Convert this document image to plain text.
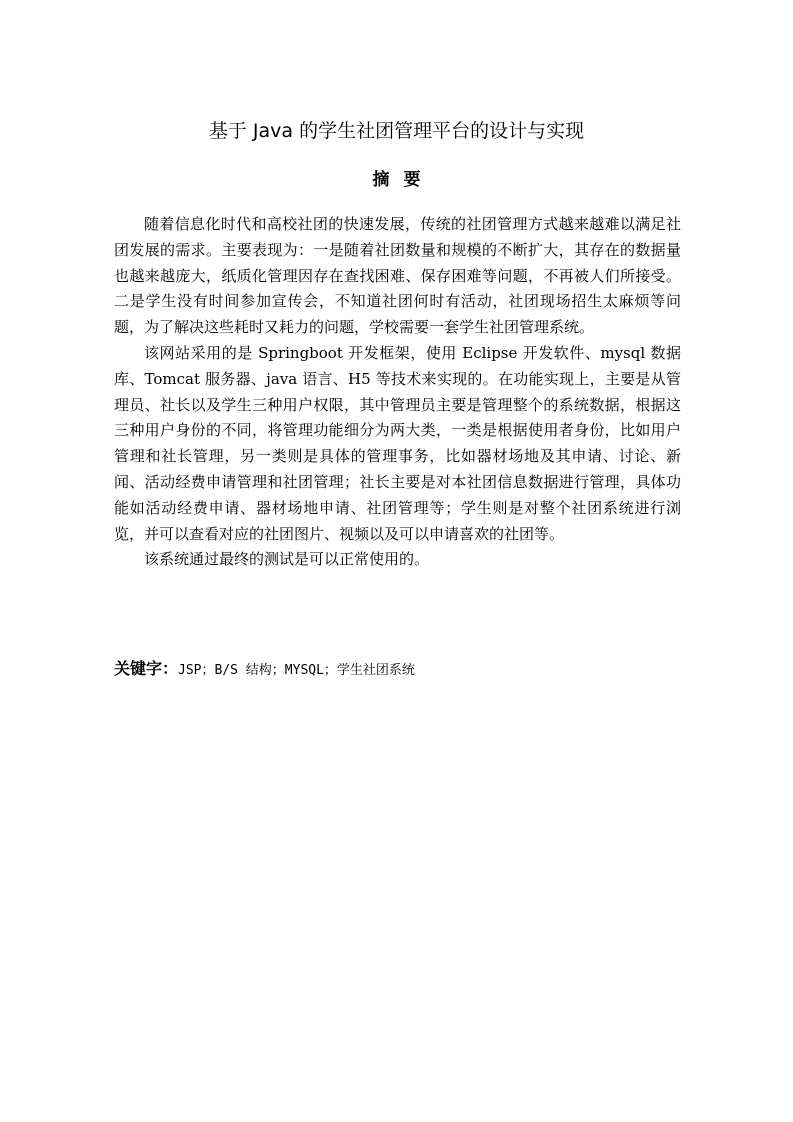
基于 Java 的学生社团管理平台的设计与实现
摘要

随着信息化时代和高校社团的快速发展，传统的社团管理方式越来越难以满足社团发展的需求。主要表现为：一是随着社团数量和规模的不断扩大，其存在的数据量也越来越庞大，纸质化管理因存在查找困难、保存困难等问题，不再被人们所接受。二是学生没有时间参加宣传会，不知道社团何时有活动，社团现场招生太麻烦等问题，为了解决这些耗时又耗力的问题，学校需要一套学生社团管理系统。

该网站采用的是 Springboot 开发框架，使用 Eclipse 开发软件、mysql 数据库、Tomcat 服务器、java 语言、H5 等技术来实现的。在功能实现上，主要是从管理员、社长以及学生三种用户权限，其中管理员主要是管理整个的系统数据，根据这三种用户身份的不同，将管理功能细分为两大类，一类是根据使用者身份，比如用户管理和社长管理，另一类则是具体的管理事务，比如器材场地及其申请、讨论、新闻、活动经费申请管理和社团管理；社长主要是对本社团信息数据进行管理，具体功能如活动经费申请、器材场地申请、社团管理等；学生则是对整个社团系统进行浏览，并可以查看对应的社团图片、视频以及可以申请喜欢的社团等。

该系统通过最终的测试是可以正常使用的。

关键字：JSP；B/S 结构；MYSQL；学生社团系统
